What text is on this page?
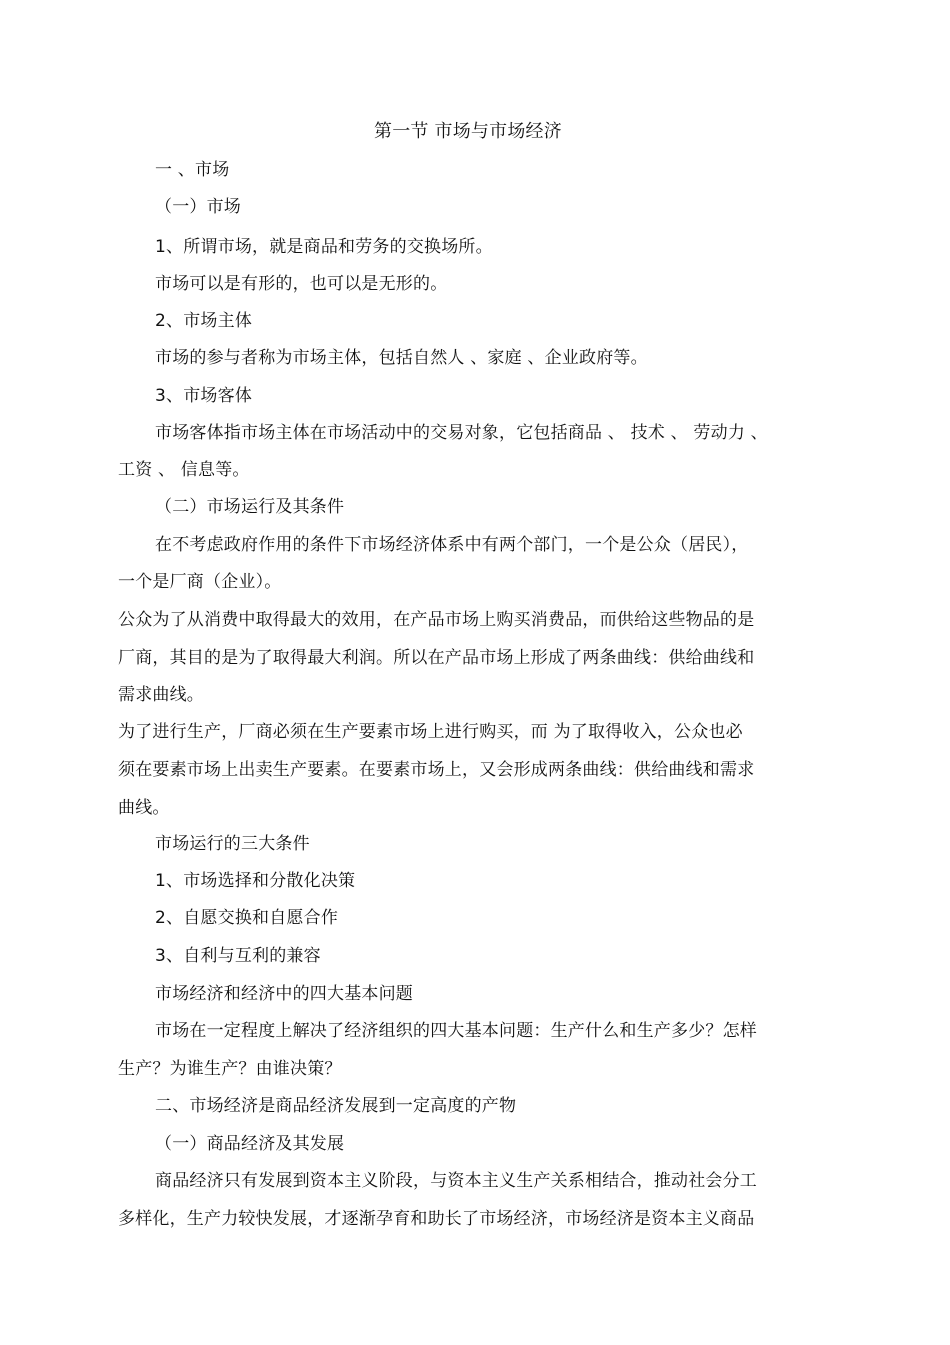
第一节 市场与市场经济
一 、市场
（一）市场
1、所谓市场，就是商品和劳务的交换场所。
市场可以是有形的，也可以是无形的。
2、市场主体
市场的参与者称为市场主体，包括自然人 、家庭 、企业政府等。
3、市场客体
市场客体指市场主体在市场活动中的交易对象，它包括商品 、 技术 、 劳动力 、
工资 、 信息等。
（二）市场运行及其条件
在不考虑政府作用的条件下市场经济体系中有两个部门，一个是公众（居民），
一个是厂商（企业）。
公众为了从消费中取得最大的效用，在产品市场上购买消费品，而供给这些物品的是
厂商，其目的是为了取得最大利润。所以在产品市场上形成了两条曲线：供给曲线和
需求曲线。
为了进行生产，厂商必须在生产要素市场上进行购买，而 为了取得收入，公众也必
须在要素市场上出卖生产要素。在要素市场上，又会形成两条曲线：供给曲线和需求
曲线。
市场运行的三大条件
1、市场选择和分散化决策
2、自愿交换和自愿合作
3、自利与互利的兼容
市场经济和经济中的四大基本问题
市场在一定程度上解决了经济组织的四大基本问题：生产什么和生产多少？怎样
生产？为谁生产？由谁决策？
二、市场经济是商品经济发展到一定高度的产物
（一）商品经济及其发展
商品经济只有发展到资本主义阶段，与资本主义生产关系相结合，推动社会分工
多样化，生产力较快发展，才逐渐孕育和助长了市场经济，市场经济是资本主义商品
